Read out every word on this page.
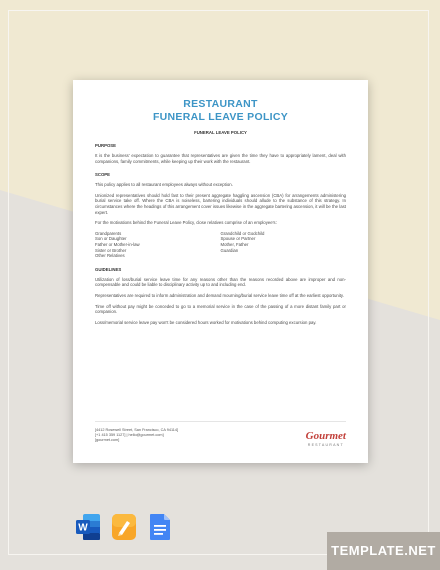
RESTAURANT
FUNERAL LEAVE POLICY
FUNERAL LEAVE POLICY
PURPOSE
It is the business' expectation to guarantee that representatives are given the time they have to appropriately lament, deal with companions, family commitments, while keeping up their work with the restaurant.
SCOPE
This policy applies to all restaurant employees always without exception.
Unionized representatives should hold fast to their present aggregate haggling ascension (CBA) for arrangements administering burial service take off. Where the CBA is noiseless, bartering individuals should allude to the substance of this strategy. In circumstances where the headings of this arrangement cover issues likewise in the aggregate bartering ascension, it will be the last expert.
For the motivations behind the Funeral Leave Policy, close relatives comprise of an employee's:
Grandparents
Son or Daughter
Father or Mother-in-law
Sister or Brother
Other Relatives
Grandchild or Godchild
Spouse or Partner
Mother, Father
Guardian
GUIDELINES
Utilization of loss/burial service leave time for any reasons other than the reasons recorded above are improper and non-compensable and could be liable to disciplinary activity up to and including end.
Representatives are required to inform administration and demand mourning/burial service leave time off at the earliest opportunity.
Time off without pay might be conceded to go to a memorial service in the case of the passing of a more distant family part or companion.
Loss/memorial service leave pay won't be considered hours worked for motivations behind computing excursion pay.
[4412 Rosewell Street, San Francisco, CA 94114]
[+1 415 359 1127] | hello@gourmet.com]
[gourmet.com]	Gourmet
RESTAURANT
W
TEMPLATE.NET
